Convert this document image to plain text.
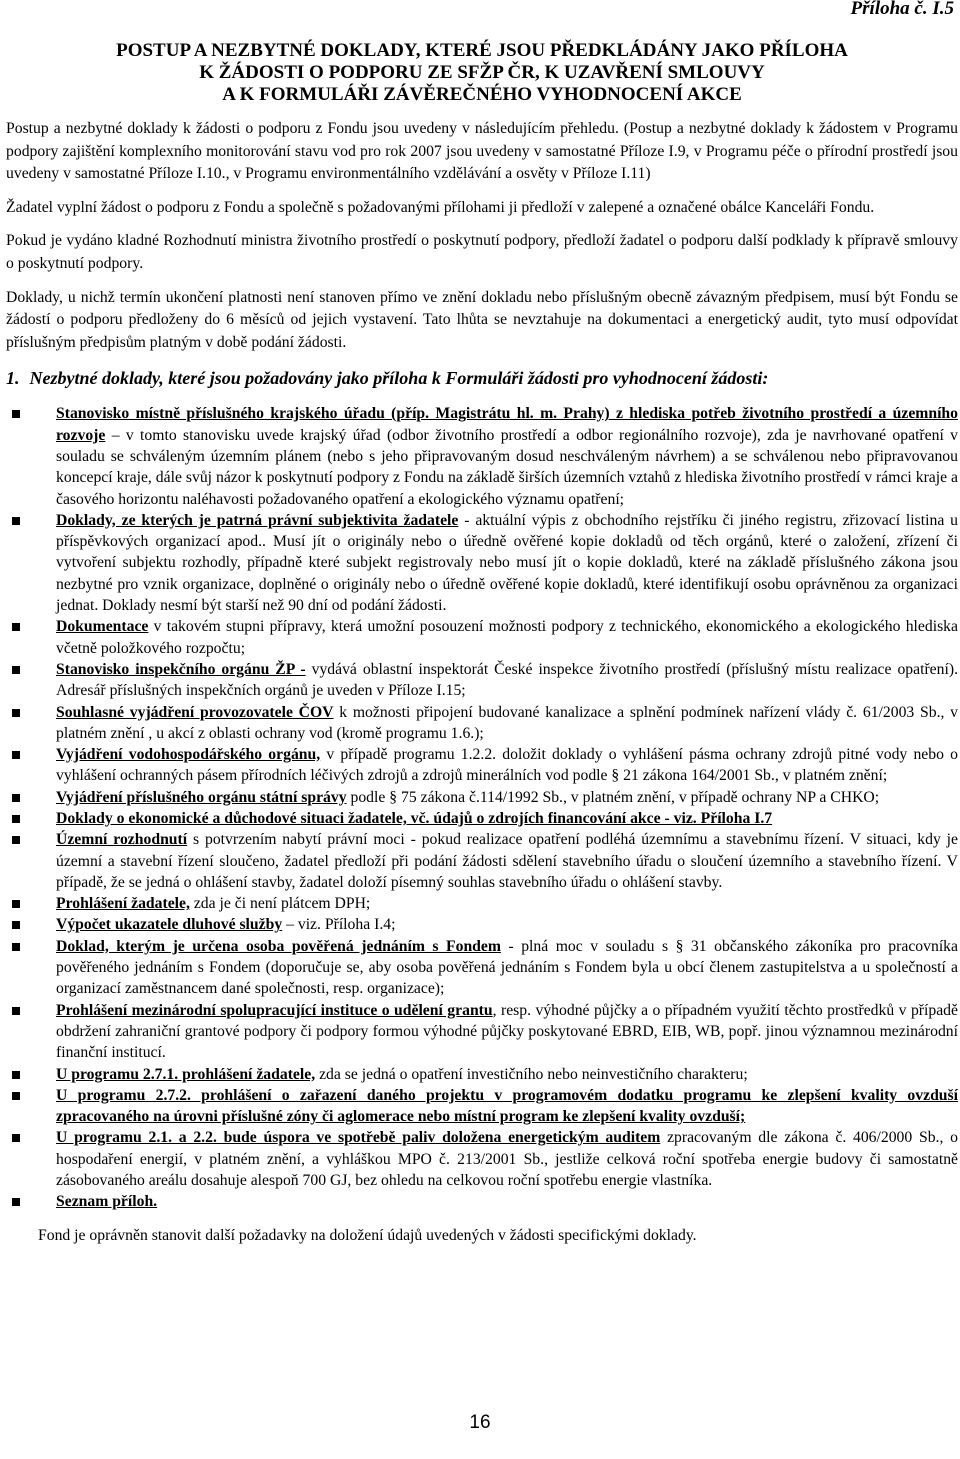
Příloha č. I.5
POSTUP A NEZBYTNÉ DOKLADY, KTERÉ JSOU PŘEDKLÁDÁNY JAKO PŘÍLOHA
K ŽÁDOSTI O PODPORU ZE SFŽP ČR, K UZAVŘENÍ SMLOUVY
A K FORMULÁŘI ZÁVĚREČNÉHO VYHODNOCENÍ AKCE

Postup a nezbytné doklady k žádosti o podporu z Fondu jsou uvedeny v následujícím přehledu. (Postup a nezbytné doklady k žádostem v Programu podpory zajištění komplexního monitorování stavu vod pro rok 2007 jsou uvedeny v samostatné Příloze I.9, v Programu péče o přírodní prostředí jsou uvedeny v samostatné Příloze I.10., v Programu environmentálního vzdělávání a osvěty v Příloze I.11)

Žadatel vyplní žádost o podporu z Fondu a společně s požadovanými přílohami ji předloží v zalepené a označené obálce Kanceláři Fondu.

Pokud je vydáno kladné Rozhodnutí ministra životního prostředí o poskytnutí podpory, předloží žadatel o podporu další podklady k přípravě smlouvy o poskytnutí podpory.

Doklady, u nichž termín ukončení platnosti není stanoven přímo ve znění dokladu nebo příslušným obecně závazným předpisem, musí být Fondu se žádostí o podporu předloženy do 6 měsíců od jejich vystavení. Tato lhůta se nevztahuje na dokumentaci a energetický audit, tyto musí odpovídat příslušným předpisům platným v době podání žádosti.

1. Nezbytné doklady, které jsou požadovány jako příloha k Formuláři žádosti pro vyhodnocení žádosti:
Stanovisko místně příslušného krajského úřadu (příp. Magistrátu hl. m. Prahy) z hlediska potřeb životního prostředí a územního rozvoje – v tomto stanovisku uvede krajský úřad (odbor životního prostředí a odbor regionálního rozvoje), zda je navrhované opatření v souladu se schváleným územním plánem (nebo s jeho připravovaným dosud neschváleným návrhem) a se schválenou nebo připravovanou koncepcí kraje, dále svůj názor k poskytnutí podpory z Fondu na základě širších územních vztahů z hlediska životního prostředí v rámci kraje a časového horizontu naléhavosti požadovaného opatření a ekologického významu opatření;
Doklady, ze kterých je patrná právní subjektivita žadatele - aktuální výpis z obchodního rejstříku či jiného registru, zřizovací listina u příspěvkových organizací apod.. Musí jít o originály nebo o úředně ověřené kopie dokladů od těch orgánů, které o založení, zřízení či vytvoření subjektu rozhodly, případně které subjekt registrovaly nebo musí jít o kopie dokladů, které na základě příslušného zákona jsou nezbytné pro vznik organizace, doplněné o originály nebo o úředně ověřené kopie dokladů, které identifikují osobu oprávněnou za organizaci jednat. Doklady nesmí být starší než 90 dní od podání žádosti.
Dokumentace v takovém stupni přípravy, která umožní posouzení možnosti podpory z technického, ekonomického a ekologického hlediska včetně položkového rozpočtu;
Stanovisko inspekčního orgánu ŽP - vydává oblastní inspektorát České inspekce životního prostředí (příslušný místu realizace opatření). Adresář příslušných inspekčních orgánů je uveden v Příloze I.15;
Souhlasné vyjádření provozovatele ČOV k možnosti připojení budované kanalizace a splnění podmínek nařízení vlády č. 61/2003 Sb., v platném znění , u akcí z oblasti ochrany vod (kromě programu 1.6.);
Vyjádření vodohospodářského orgánu, v případě programu 1.2.2. doložit doklady o vyhlášení pásma ochrany zdrojů pitné vody nebo o vyhlášení ochranných pásem přírodních léčivých zdrojů a zdrojů minerálních vod podle § 21 zákona 164/2001 Sb., v platném znění;
Vyjádření příslušného orgánu státní správy podle § 75 zákona č.114/1992 Sb., v platném znění, v případě ochrany NP a CHKO;
Doklady o ekonomické a důchodové situaci žadatele, vč. údajů o zdrojích financování akce - viz. Příloha I.7
Územní rozhodnutí s potvrzením nabytí právní moci - pokud realizace opatření podléhá územnímu a stavebnímu řízení. V situaci, kdy je územní a stavební řízení sloučeno, žadatel předloží při podání žádosti sdělení stavebního úřadu o sloučení územního a stavebního řízení. V případě, že se jedná o ohlášení stavby, žadatel doloží písemný souhlas stavebního úřadu o ohlášení stavby.
Prohlášení žadatele, zda je či není plátcem DPH;
Výpočet ukazatele dluhové služby – viz. Příloha I.4;
Doklad, kterým je určena osoba pověřená jednáním s Fondem - plná moc v souladu s § 31 občanského zákoníka pro pracovníka pověřeného jednáním s Fondem (doporučuje se, aby osoba pověřená jednáním s Fondem byla u obcí členem zastupitelstva a u společností a organizací zaměstnancem dané společnosti, resp. organizace);
Prohlášení mezinárodní spolupracující instituce o udělení grantu, resp. výhodné půjčky a o případném využití těchto prostředků v případě obdržení zahraniční grantové podpory či podpory formou výhodné půjčky poskytované EBRD, EIB, WB, popř. jinou významnou mezinárodní finanční institucí.
U programu 2.7.1. prohlášení žadatele, zda se jedná o opatření investičního nebo neinvestičního charakteru;
U programu 2.7.2. prohlášení o zařazení daného projektu v programovém dodatku programu ke zlepšení kvality ovzduší zpracovaného na úrovni příslušné zóny či aglomerace nebo místní program ke zlepšení kvality ovzduší;
U programu 2.1. a 2.2. bude úspora ve spotřebě paliv doložena energetickým auditem zpracovaným dle zákona č. 406/2000 Sb., o hospodaření energií, v platném znění, a vyhláškou MPO č. 213/2001 Sb., jestliže celková roční spotřeba energie budovy či samostatně zásobovaného areálu dosahuje alespoň 700 GJ, bez ohledu na celkovou roční spotřebu energie vlastníka.
Seznam příloh.
Fond je oprávněn stanovit další požadavky na doložení údajů uvedených v žádosti specifickými doklady.
16
